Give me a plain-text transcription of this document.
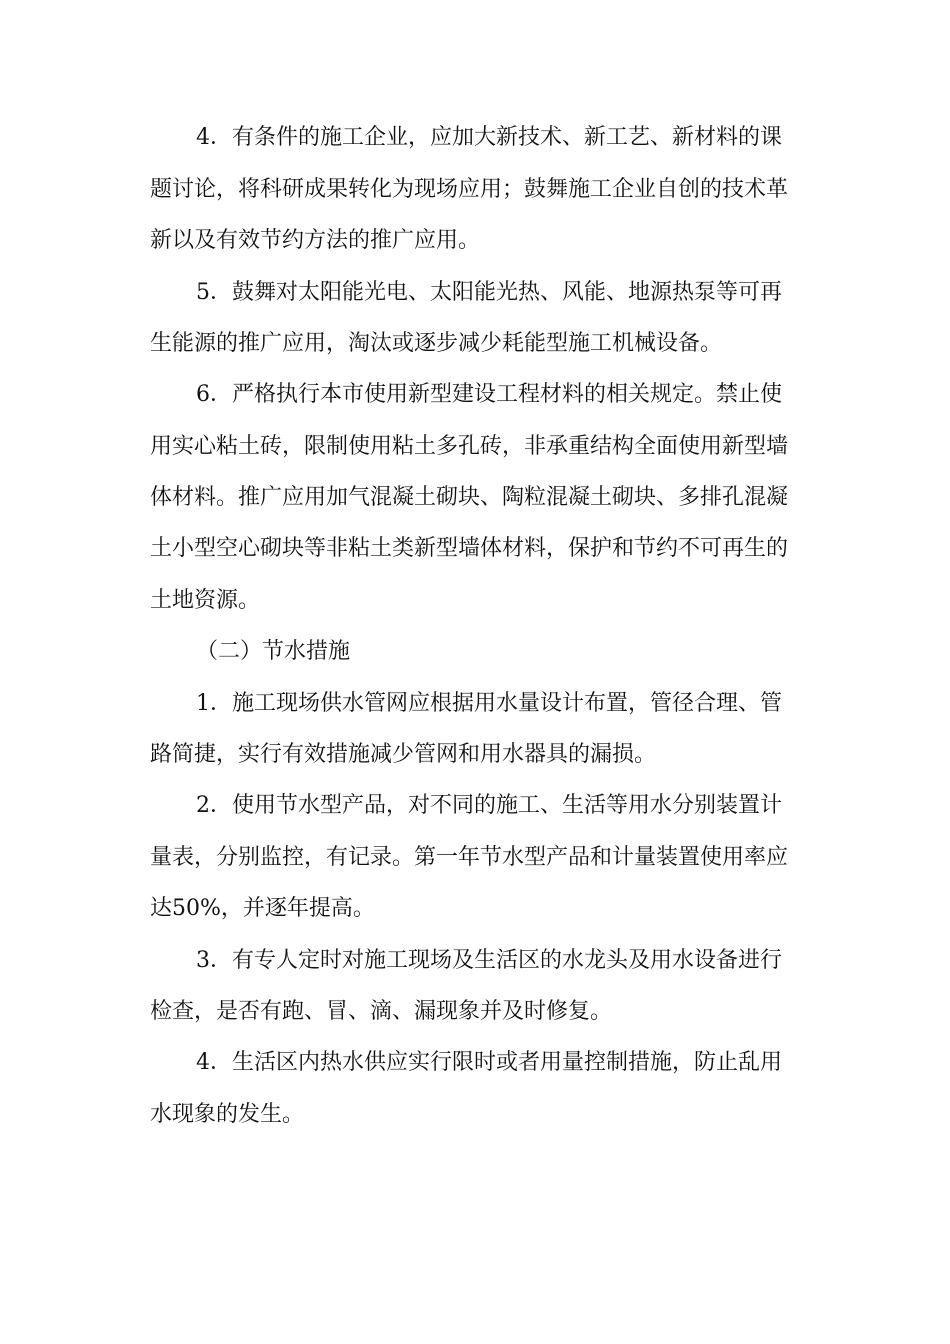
4．有条件的施工企业，应加大新技术、新工艺、新材料的课
题讨论，将科研成果转化为现场应用；鼓舞施工企业自创的技术革
新以及有效节约方法的推广应用。
5．鼓舞对太阳能光电、太阳能光热、风能、地源热泵等可再
生能源的推广应用，淘汰或逐步减少耗能型施工机械设备。
6．严格执行本市使用新型建设工程材料的相关规定。禁止使
用实心粘土砖，限制使用粘土多孔砖，非承重结构全面使用新型墙
体材料。推广应用加气混凝土砌块、陶粒混凝土砌块、多排孔混凝
土小型空心砌块等非粘土类新型墙体材料，保护和节约不可再生的
土地资源。
（二）节水措施
1．施工现场供水管网应根据用水量设计布置，管径合理、管
路简捷，实行有效措施减少管网和用水器具的漏损。
2．使用节水型产品，对不同的施工、生活等用水分别装置计
量表，分别监控，有记录。第一年节水型产品和计量装置使用率应
达50%，并逐年提高。
3．有专人定时对施工现场及生活区的水龙头及用水设备进行
检查，是否有跑、冒、滴、漏现象并及时修复。
4．生活区内热水供应实行限时或者用量控制措施，防止乱用
水现象的发生。
